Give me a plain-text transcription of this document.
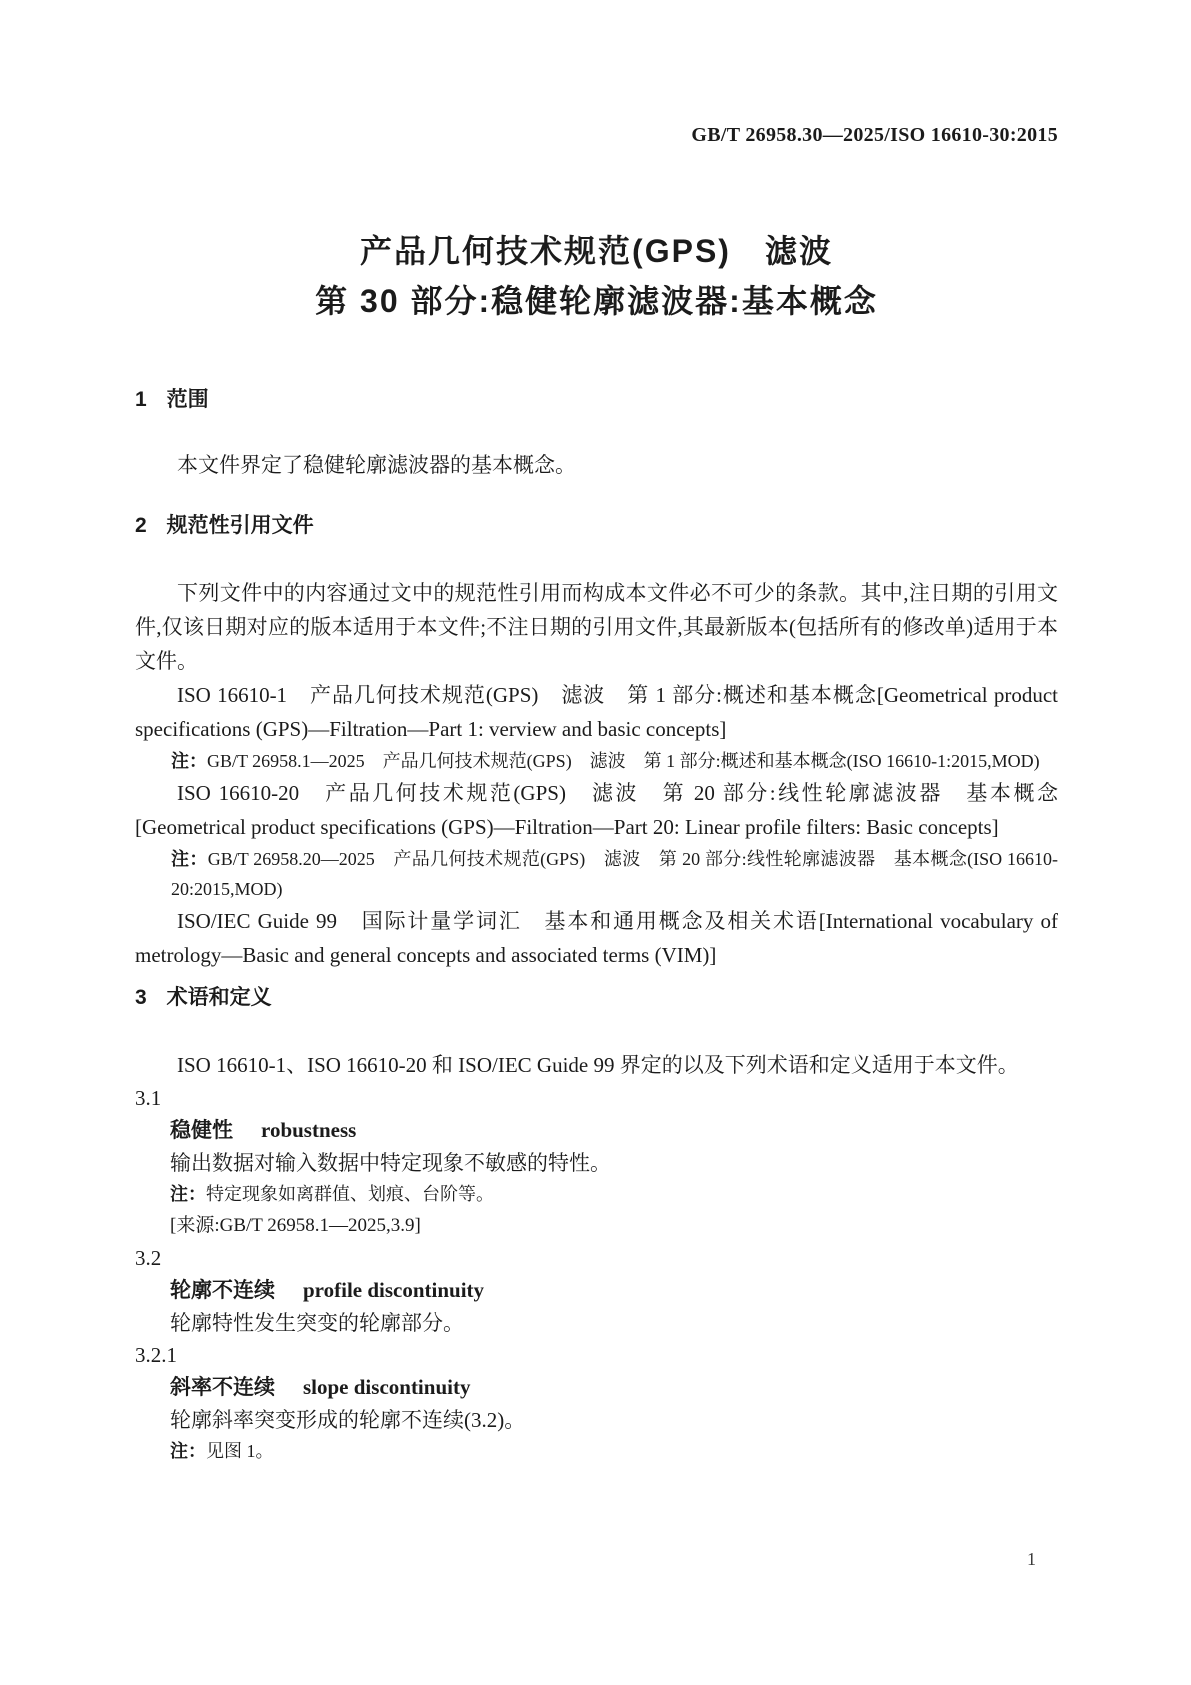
GB/T 26958.30—2025/ISO 16610-30:2015
产品几何技术规范(GPS)　滤波
第 30 部分:稳健轮廓滤波器:基本概念
1 范围

本文件界定了稳健轮廓滤波器的基本概念。

2 规范性引用文件

下列文件中的内容通过文中的规范性引用而构成本文件必不可少的条款。其中,注日期的引用文件,仅该日期对应的版本适用于本文件;不注日期的引用文件,其最新版本(包括所有的修改单)适用于本文件。

ISO 16610-1　产品几何技术规范(GPS)　滤波　第 1 部分:概述和基本概念[Geometrical product specifications (GPS)—Filtration—Part 1: verview and basic concepts]

注：GB/T 26958.1—2025　产品几何技术规范(GPS)　滤波　第 1 部分:概述和基本概念(ISO 16610-1:2015,MOD)

ISO 16610-20　产品几何技术规范(GPS)　滤波　第 20 部分:线性轮廓滤波器　基本概念[Geometrical product specifications (GPS)—Filtration—Part 20: Linear profile filters: Basic concepts]

注：GB/T 26958.20—2025　产品几何技术规范(GPS)　滤波　第 20 部分:线性轮廓滤波器　基本概念(ISO 16610-20:2015,MOD)

ISO/IEC Guide 99　国际计量学词汇　基本和通用概念及相关术语[International vocabulary of metrology—Basic and general concepts and associated terms (VIM)]

3 术语和定义

ISO 16610-1、ISO 16610-20 和 ISO/IEC Guide 99 界定的以及下列术语和定义适用于本文件。

3.1

稳健性 robustness

输出数据对输入数据中特定现象不敏感的特性。

注：特定现象如离群值、划痕、台阶等。

[来源:GB/T 26958.1—2025,3.9]

3.2

轮廓不连续 profile discontinuity

轮廓特性发生突变的轮廓部分。

3.2.1

斜率不连续 slope discontinuity

轮廓斜率突变形成的轮廓不连续(3.2)。

注：见图 1。

1
